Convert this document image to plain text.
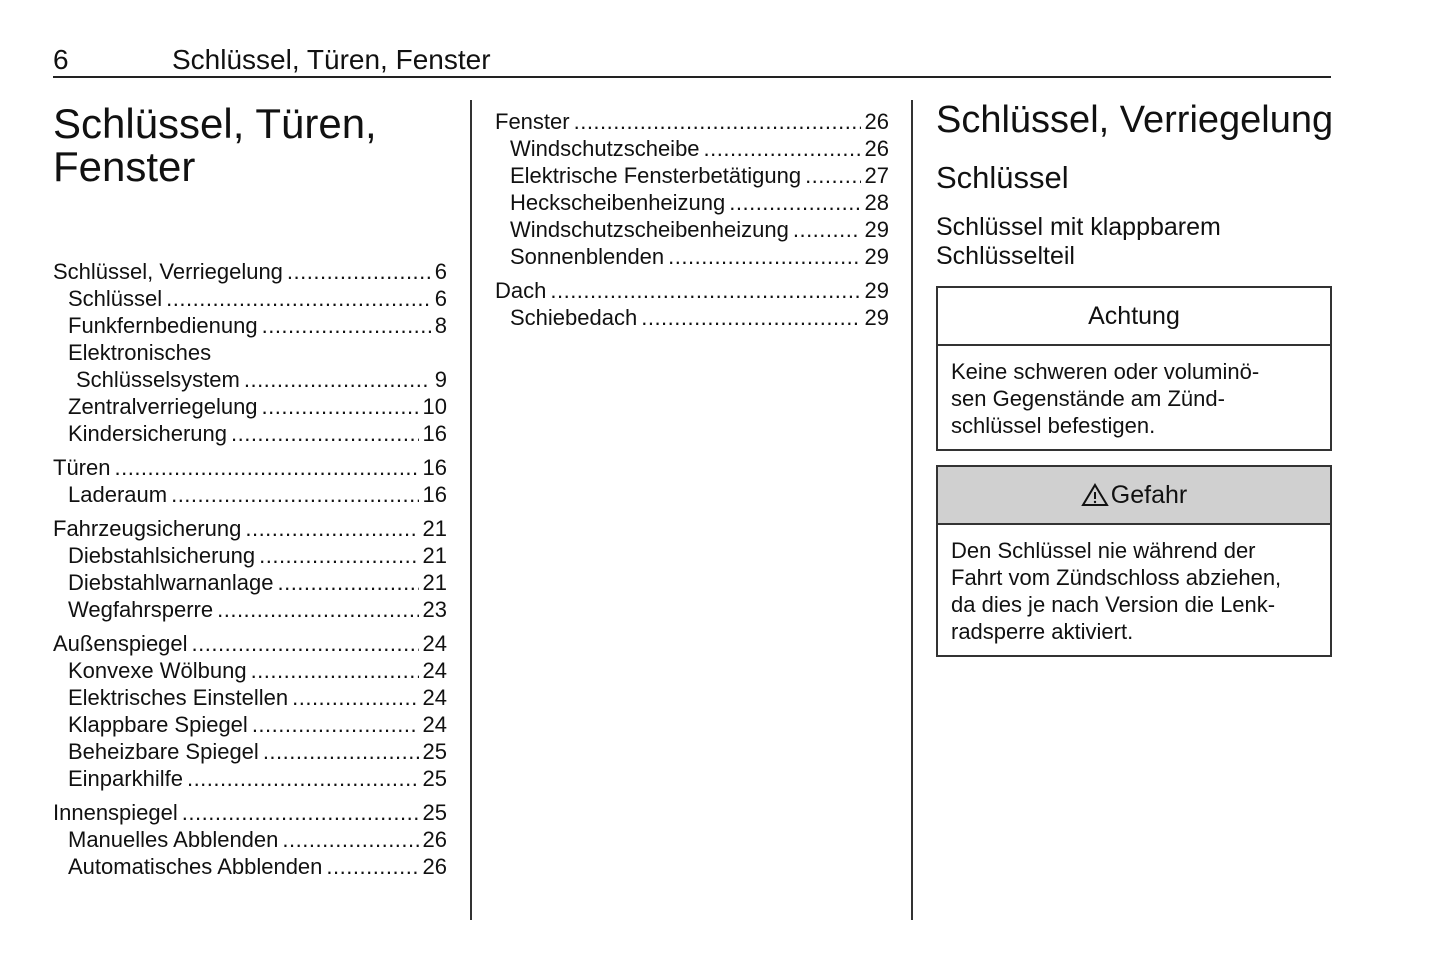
6	Schlüssel, Türen, Fenster
Schlüssel, Türen, Fenster
Schlüssel, Verriegelung .....	6
Schlüssel .....	6
Funkfernbedienung .....	8
Elektronisches
Schlüsselsystem .....	9
Zentralverriegelung .....	10
Kindersicherung .....	16
Türen .....	16
Laderaum .....	16
Fahrzeugsicherung .....	21
Diebstahlsicherung .....	21
Diebstahlwarnanlage .....	21
Wegfahrsperre .....	23
Außenspiegel .....	24
Konvexe Wölbung .....	24
Elektrisches Einstellen .....	24
Klappbare Spiegel .....	24
Beheizbare Spiegel .....	25
Einparkhilfe .....	25
Innenspiegel .....	25
Manuelles Abblenden .....	26
Automatisches Abblenden .....	26
Fenster .....	26
Windschutzscheibe .....	26
Elektrische Fensterbetätigung .....	27
Heckscheibenheizung .....	28
Windschutzscheibenheizung .....	29
Sonnenblenden .....	29
Dach .....	29
Schiebedach .....	29
Schlüssel, Verriegelung
Schlüssel
Schlüssel mit klappbarem Schlüsselteil
Achtung
Keine schweren oder voluminö-
sen Gegenstände am Zünd-
schlüssel befestigen.
Gefahr
Den Schlüssel nie während der
Fahrt vom Zündschloss abziehen,
da dies je nach Version die Lenk-
radsperre aktiviert.
